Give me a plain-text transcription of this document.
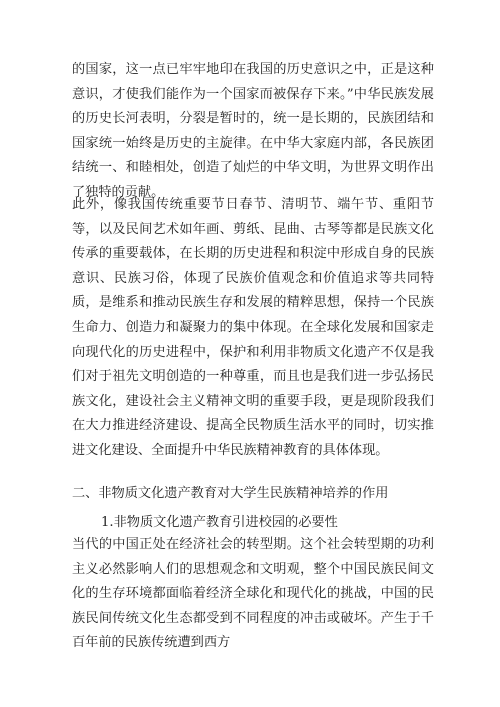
的国家，这一点已牢牢地印在我国的历史意识之中，正是这种意识，才使我们能作为一个国家而被保存下来。”中华民族发展的历史长河表明，分裂是暂时的，统一是长期的，民族团结和国家统一始终是历史的主旋律。在中华大家庭内部，各民族团结统一、和睦相处，创造了灿烂的中华文明，为世界文明作出了独特的贡献。

此外，像我国传统重要节日春节、清明节、端午节、重阳节等，以及民间艺术如年画、剪纸、昆曲、古琴等都是民族文化传承的重要载体，在长期的历史进程和积淀中形成自身的民族意识、民族习俗，体现了民族价值观念和价值追求等共同特质，是维系和推动民族生存和发展的精粹思想，保持一个民族生命力、创造力和凝聚力的集中体现。在全球化发展和国家走向现代化的历史进程中，保护和利用非物质文化遗产不仅是我们对于祖先文明创造的一种尊重，而且也是我们进一步弘扬民族文化，建设社会主义精神文明的重要手段，更是现阶段我们在大力推进经济建设、提高全民物质生活水平的同时，切实推进文化建设、全面提升中华民族精神教育的具体体现。

二、非物质文化遗产教育对大学生民族精神培养的作用

1.非物质文化遗产教育引进校园的必要性

当代的中国正处在经济社会的转型期。这个社会转型期的功利主义必然影响人们的思想观念和文明观，整个中国民族民间文化的生存环境都面临着经济全球化和现代化的挑战，中国的民族民间传统文化生态都受到不同程度的冲击或破坏。产生于千百年前的民族传统遭到西方
